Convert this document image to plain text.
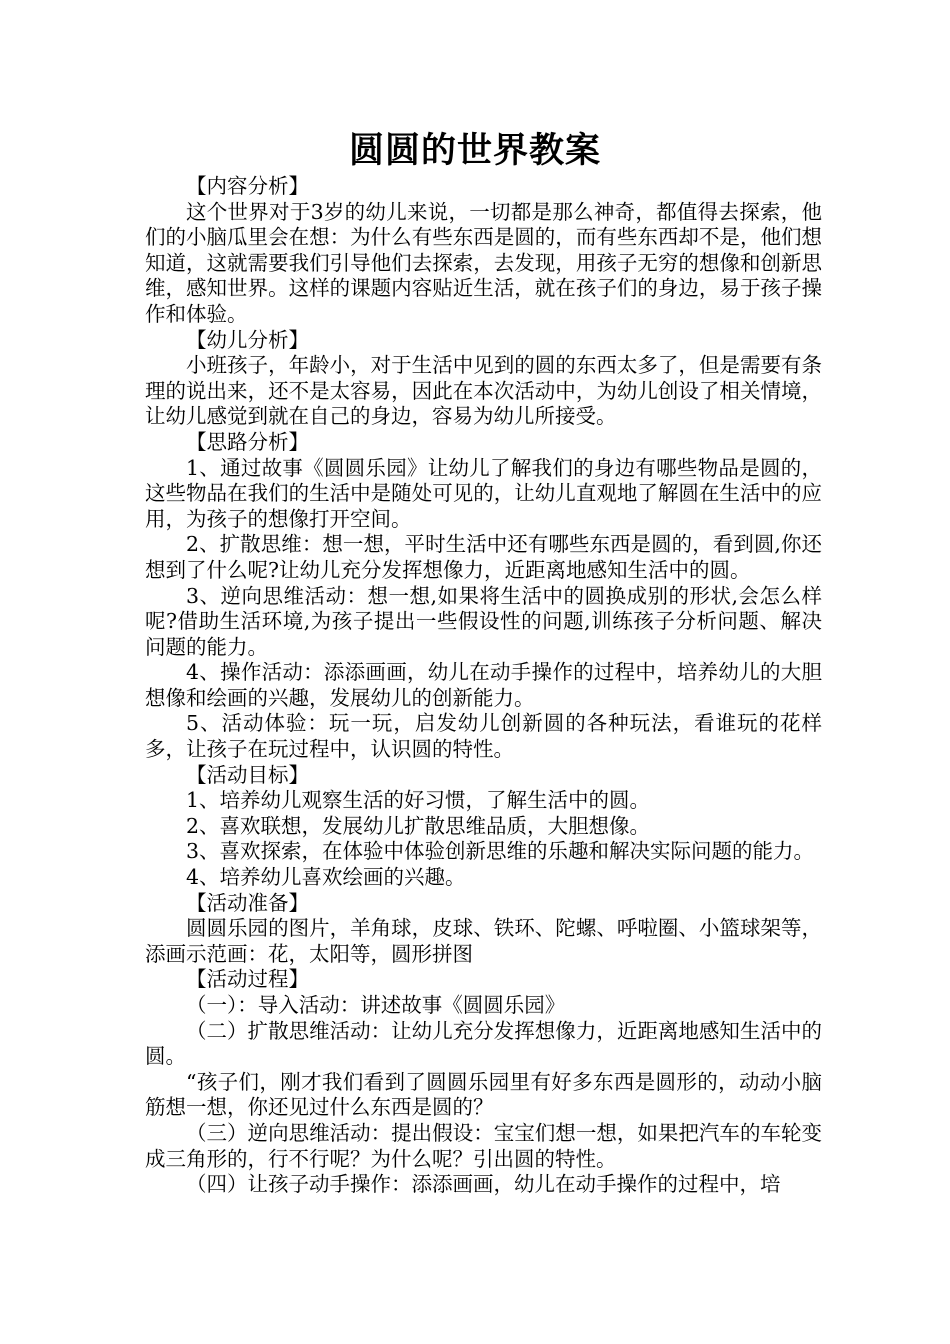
圆圆的世界教案

【内容分析】

这个世界对于3岁的幼儿来说，一切都是那么神奇，都值得去探索，他们的小脑瓜里会在想：为什么有些东西是圆的，而有些东西却不是，他们想知道，这就需要我们引导他们去探索，去发现，用孩子无穷的想像和创新思维，感知世界。这样的课题内容贴近生活，就在孩子们的身边，易于孩子操作和体验。

【幼儿分析】

小班孩子，年龄小，对于生活中见到的圆的东西太多了，但是需要有条理的说出来，还不是太容易，因此在本次活动中，为幼儿创设了相关情境，让幼儿感觉到就在自己的身边，容易为幼儿所接受。

【思路分析】

1、通过故事《圆圆乐园》让幼儿了解我们的身边有哪些物品是圆的，这些物品在我们的生活中是随处可见的，让幼儿直观地了解圆在生活中的应用，为孩子的想像打开空间。

2、扩散思维：想一想，平时生活中还有哪些东西是圆的，看到圆,你还想到了什么呢?让幼儿充分发挥想像力，近距离地感知生活中的圆。

3、逆向思维活动：想一想,如果将生活中的圆换成别的形状,会怎么样呢?借助生活环境,为孩子提出一些假设性的问题,训练孩子分析问题、解决问题的能力。

4、操作活动：添添画画，幼儿在动手操作的过程中，培养幼儿的大胆想像和绘画的兴趣，发展幼儿的创新能力。

5、活动体验：玩一玩，启发幼儿创新圆的各种玩法，看谁玩的花样多，让孩子在玩过程中，认识圆的特性。

【活动目标】

1、培养幼儿观察生活的好习惯，了解生活中的圆。

2、喜欢联想，发展幼儿扩散思维品质，大胆想像。

3、喜欢探索，在体验中体验创新思维的乐趣和解决实际问题的能力。

4、培养幼儿喜欢绘画的兴趣。

【活动准备】

圆圆乐园的图片，羊角球，皮球、铁环、陀螺、呼啦圈、小篮球架等，添画示范画：花，太阳等，圆形拼图

【活动过程】

（一）：导入活动：讲述故事《圆圆乐园》

（二）扩散思维活动：让幼儿充分发挥想像力，近距离地感知生活中的圆。

“孩子们，刚才我们看到了圆圆乐园里有好多东西是圆形的，动动小脑筋想一想，你还见过什么东西是圆的？

（三）逆向思维活动：提出假设：宝宝们想一想，如果把汽车的车轮变成三角形的，行不行呢？为什么呢？引出圆的特性。

（四）让孩子动手操作：添添画画，幼儿在动手操作的过程中，培
